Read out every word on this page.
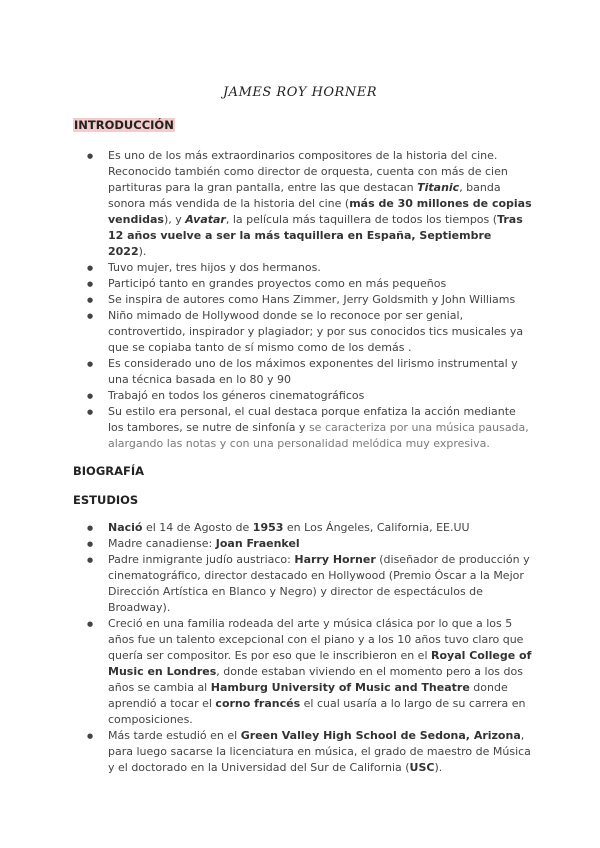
JAMES ROY HORNER
INTRODUCCIÓN
● Es uno de los más extraordinarios compositores de la historia del cine. Reconocido también como director de orquesta, cuenta con más de cien partituras para la gran pantalla, entre las que destacan Titanic, banda sonora más vendida de la historia del cine (más de 30 millones de copias vendidas), y Avatar, la película más taquillera de todos los tiempos (Tras 12 años vuelve a ser la más taquillera en España, Septiembre 2022).
● Tuvo mujer, tres hijos y dos hermanos.
● Participó tanto en grandes proyectos como en más pequeños
● Se inspira de autores como Hans Zimmer, Jerry Goldsmith y John Williams
● Niño mimado de Hollywood donde se lo reconoce por ser genial, controvertido, inspirador y plagiador; y por sus conocidos tics musicales ya que se copiaba tanto de sí mismo como de los demás .
● Es considerado uno de los máximos exponentes del lirismo instrumental y una técnica basada en lo 80 y 90
● Trabajó en todos los géneros cinematográficos
● Su estilo era personal, el cual destaca porque enfatiza la acción mediante los tambores, se nutre de sinfonía y se caracteriza por una música pausada, alargando las notas y con una personalidad melódica muy expresiva.
BIOGRAFÍA
ESTUDIOS
● Nació el 14 de Agosto de 1953 en Los Ángeles, California, EE.UU
● Madre canadiense: Joan Fraenkel
● Padre inmigrante judío austriaco: Harry Horner (diseñador de producción y cinematográfico, director destacado en Hollywood (Premio Óscar a la Mejor Dirección Artística en Blanco y Negro) y director de espectáculos de Broadway).
● Creció en una familia rodeada del arte y música clásica por lo que a los 5 años fue un talento excepcional con el piano y a los 10 años tuvo claro que quería ser compositor. Es por eso que le inscribieron en el Royal College of Music en Londres, donde estaban viviendo en el momento pero a los dos años se cambia al Hamburg University of Music and Theatre donde aprendió a tocar el corno francés el cual usaría a lo largo de su carrera en composiciones.
● Más tarde estudió en el Green Valley High School de Sedona, Arizona, para luego sacarse la licenciatura en música, el grado de maestro de Música y el doctorado en la Universidad del Sur de California (USC).
